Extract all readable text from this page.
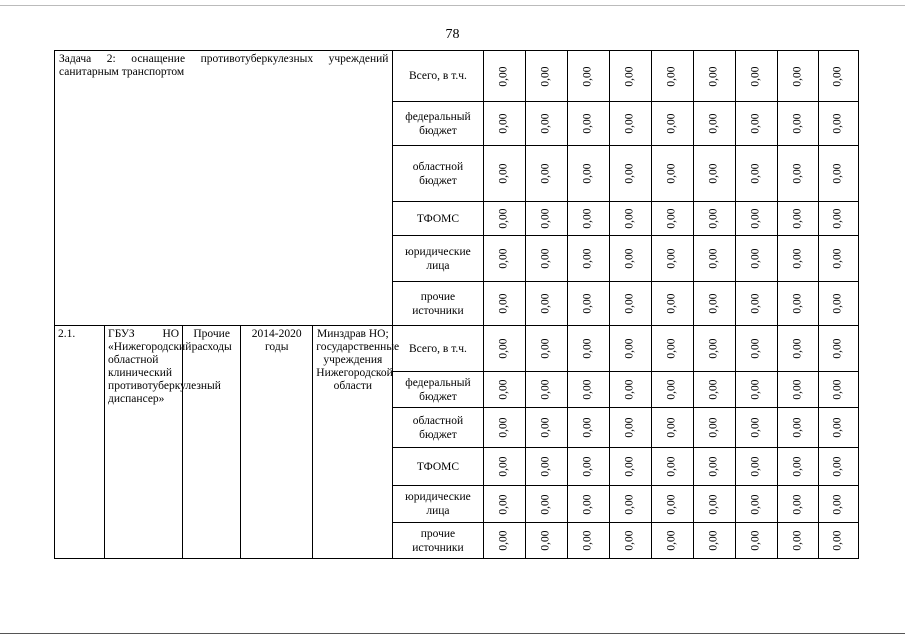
78
Задача 2: оснащение противотуберкулезных учреждений санитарным транспортом					Всего, в т.ч.	0,00	0,00	0,00	0,00	0,00	0,00	0,00	0,00	0,00
					федеральный бюджет	0,00	0,00	0,00	0,00	0,00	0,00	0,00	0,00	0,00
					областной бюджет	0,00	0,00	0,00	0,00	0,00	0,00	0,00	0,00	0,00
					ТФОМС	0,00	0,00	0,00	0,00	0,00	0,00	0,00	0,00	0,00
					юридические лица	0,00	0,00	0,00	0,00	0,00	0,00	0,00	0,00	0,00
					прочие источники	0,00	0,00	0,00	0,00	0,00	0,00	0,00	0,00	0,00
2.1.	ГБУЗ НО «Нижегородский областной клинический противотуберкулезный диспансер»	Прочие расходы	2014-2020 годы	Минздрав НО; государственные учреждения Нижегородской области	Всего, в т.ч.	0,00	0,00	0,00	0,00	0,00	0,00	0,00	0,00	0,00
					федеральный бюджет	0,00	0,00	0,00	0,00	0,00	0,00	0,00	0,00	0,00
					областной бюджет	0,00	0,00	0,00	0,00	0,00	0,00	0,00	0,00	0,00
					ТФОМС	0,00	0,00	0,00	0,00	0,00	0,00	0,00	0,00	0,00
					юридические лица	0,00	0,00	0,00	0,00	0,00	0,00	0,00	0,00	0,00
					прочие источники	0,00	0,00	0,00	0,00	0,00	0,00	0,00	0,00	0,00
